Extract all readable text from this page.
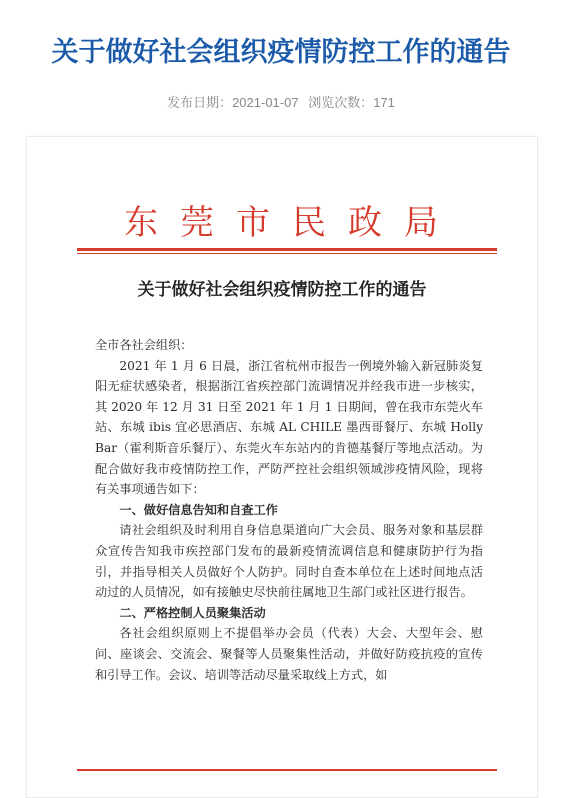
关于做好社会组织疫情防控工作的通告
发布日期：2021-01-07 浏览次数：171
东莞市民政局
关于做好社会组织疫情防控工作的通告

全市各社会组织：

2021 年 1 月 6 日晨，浙江省杭州市报告一例境外输入新冠肺炎复阳无症状感染者，根据浙江省疾控部门流调情况并经我市进一步核实，其 2020 年 12 月 31 日至 2021 年 1 月 1 日期间，曾在我市东莞火车站、东城 ibis 宜必思酒店、东城 AL CHILE 墨西哥餐厅、东城 Holly Bar（霍利斯音乐餐厅）、东莞火车东站内的肯德基餐厅等地点活动。为配合做好我市疫情防控工作，严防严控社会组织领域涉疫情风险，现将有关事项通告如下：

一、做好信息告知和自查工作

请社会组织及时利用自身信息渠道向广大会员、服务对象和基层群众宣传告知我市疾控部门发布的最新疫情流调信息和健康防护行为指引，并指导相关人员做好个人防护。同时自查本单位在上述时间地点活动过的人员情况，如有接触史尽快前往属地卫生部门或社区进行报告。

二、严格控制人员聚集活动

各社会组织原则上不提倡举办会员（代表）大会、大型年会、慰问、座谈会、交流会、聚餐等人员聚集性活动，并做好防疫抗疫的宣传和引导工作。会议、培训等活动尽量采取线上方式，如
